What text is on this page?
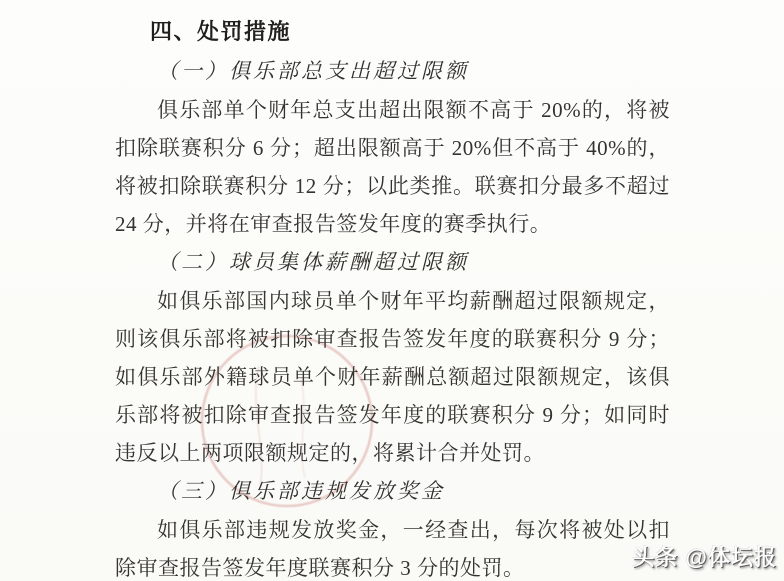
四、处罚措施
（一）俱乐部总支出超过限额

俱乐部单个财年总支出超出限额不高于 20%的，将被扣除联赛积分 6 分；超出限额高于 20%但不高于 40%的，将被扣除联赛积分 12 分；以此类推。联赛扣分最多不超过 24 分，并将在审查报告签发年度的赛季执行。

（二）球员集体薪酬超过限额

如俱乐部国内球员单个财年平均薪酬超过限额规定，则该俱乐部将被扣除审查报告签发年度的联赛积分 9 分；如俱乐部外籍球员单个财年薪酬总额超过限额规定，该俱乐部将被扣除审查报告签发年度的联赛积分 9 分；如同时违反以上两项限额规定的，将累计合并处罚。

（三）俱乐部违规发放奖金

如俱乐部违规发放奖金，一经查出，每次将被处以扣除审查报告签发年度联赛积分 3 分的处罚。	头条 @体坛报
